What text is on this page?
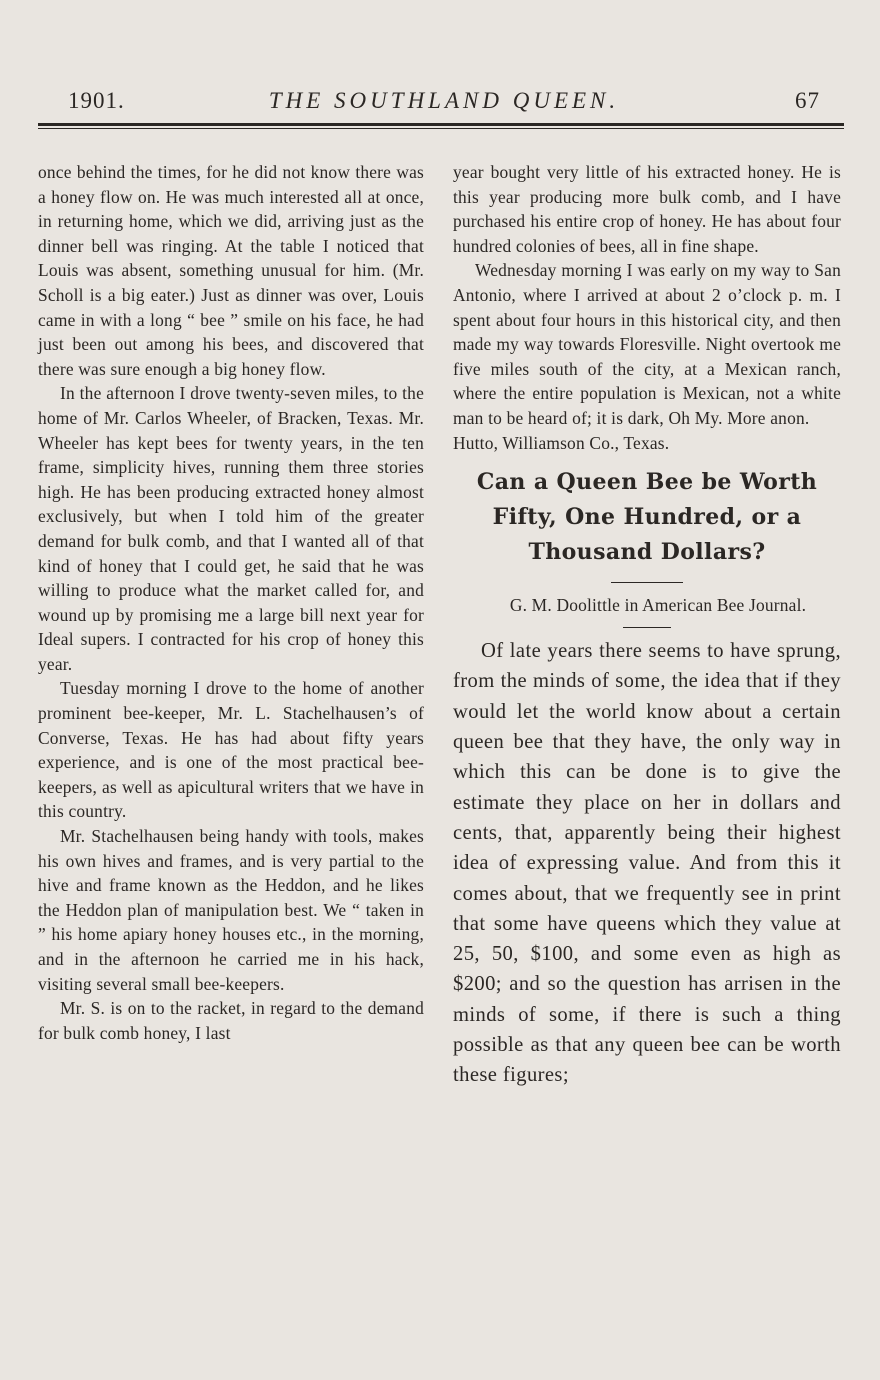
1901.	THE SOUTHLAND QUEEN.	67

once behind the times, for he did not know there was a honey flow on. He was much interested all at once, in returning home, which we did, arriving just as the dinner bell was ringing. At the table I noticed that Louis was absent, something unusual for him. (Mr. Scholl is a big eater.) Just as dinner was over, Louis came in with a long “ bee ” smile on his face, he had just been out among his bees, and discovered that there was sure enough a big honey flow.

In the afternoon I drove twenty-seven miles, to the home of Mr. Carlos Wheeler, of Bracken, Texas. Mr. Wheeler has kept bees for twenty years, in the ten frame, simplicity hives, running them three stories high. He has been producing extracted honey almost exclusively, but when I told him of the greater demand for bulk comb, and that I wanted all of that kind of honey that I could get, he said that he was willing to produce what the market called for, and wound up by promising me a large bill next year for Ideal supers. I contracted for his crop of honey this year.

Tuesday morning I drove to the home of another prominent bee-keeper, Mr. L. Stachelhausen’s of Converse, Texas. He has had about fifty years experience, and is one of the most practical bee-keepers, as well as apicultural writers that we have in this country.

Mr. Stachelhausen being handy with tools, makes his own hives and frames, and is very partial to the hive and frame known as the Heddon, and he likes the Heddon plan of manipulation best. We “ taken in ” his home apiary honey houses etc., in the morning, and in the afternoon he carried me in his hack, visiting several small bee-keepers.

Mr. S. is on to the racket, in regard to the demand for bulk comb honey, I last

year bought very little of his extracted honey. He is this year producing more bulk comb, and I have purchased his entire crop of honey. He has about four hundred colonies of bees, all in fine shape.

Wednesday morning I was early on my way to San Antonio, where I arrived at about 2 o’clock p. m. I spent about four hours in this historical city, and then made my way towards Floresville. Night overtook me five miles south of the city, at a Mexican ranch, where the entire population is Mexican, not a white man to be heard of; it is dark, Oh My. More anon.

Hutto, Williamson Co., Texas.

Can a Queen Bee be Worth
Fifty, One Hundred, or a
Thousand Dollars?

G. M. Doolittle in American Bee Journal.

Of late years there seems to have sprung, from the minds of some, the idea that if they would let the world know about a certain queen bee that they have, the only way in which this can be done is to give the estimate they place on her in dollars and cents, that, apparently being their highest idea of expressing value. And from this it comes about, that we frequently see in print that some have queens which they value at 25, 50, $100, and some even as high as $200; and so the question has arrisen in the minds of some, if there is such a thing possible as that any queen bee can be worth these figures;
